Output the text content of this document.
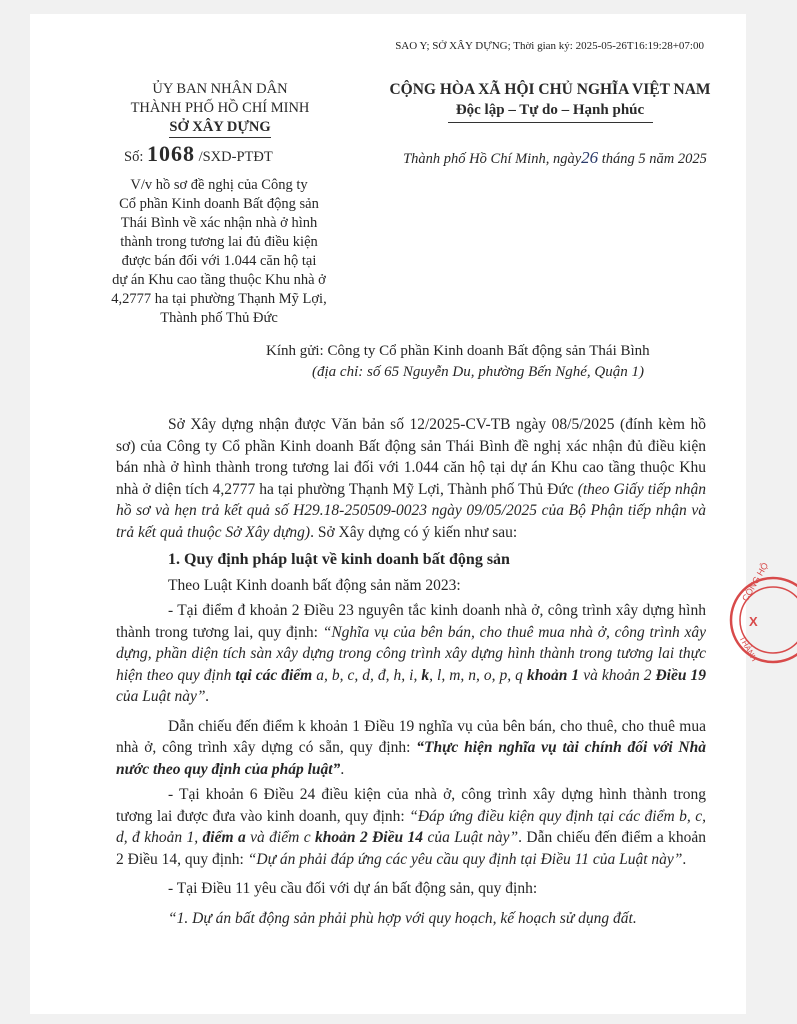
SAO Y; SỞ XÂY DỰNG; Thời gian ký: 2025-05-26T16:19:28+07:00
ỦY BAN NHÂN DÂN
THÀNH PHỐ HỒ CHÍ MINH
SỞ XÂY DỰNG
Số: 1068 /SXD-PTĐT
CỘNG HÒA XÃ HỘI CHỦ NGHĨA VIỆT NAM
Độc lập – Tự do – Hạnh phúc
Thành phố Hồ Chí Minh, ngày26 tháng 5 năm 2025
V/v hồ sơ đề nghị của Công ty
Cổ phần Kinh doanh Bất động sản
Thái Bình về xác nhận nhà ở hình
thành trong tương lai đủ điều kiện
được bán đối với 1.044 căn hộ tại
dự án Khu cao tầng thuộc Khu nhà ở
4,2777 ha tại phường Thạnh Mỹ Lợi,
Thành phố Thủ Đức
Kính gửi: Công ty Cổ phần Kinh doanh Bất động sản Thái Bình
(địa chỉ: số 65 Nguyễn Du, phường Bến Nghé, Quận 1)

Sở Xây dựng nhận được Văn bản số 12/2025-CV-TB ngày 08/5/2025 (đính kèm hồ sơ) của Công ty Cổ phần Kinh doanh Bất động sản Thái Bình đề nghị xác nhận đủ điều kiện bán nhà ở hình thành trong tương lai đối với 1.044 căn hộ tại dự án Khu cao tầng thuộc Khu nhà ở diện tích 4,2777 ha tại phường Thạnh Mỹ Lợi, Thành phố Thủ Đức (theo Giấy tiếp nhận hồ sơ và hẹn trả kết quả số H29.18-250509-0023 ngày 09/05/2025 của Bộ Phận tiếp nhận và trả kết quả thuộc Sở Xây dựng). Sở Xây dựng có ý kiến như sau:

1. Quy định pháp luật về kinh doanh bất động sản

Theo Luật Kinh doanh bất động sản năm 2023:

- Tại điểm đ khoản 2 Điều 23 nguyên tắc kinh doanh nhà ở, công trình xây dựng hình thành trong tương lai, quy định: “Nghĩa vụ của bên bán, cho thuê mua nhà ở, công trình xây dựng, phần diện tích sàn xây dựng trong công trình xây dựng hình thành trong tương lai thực hiện theo quy định tại các điểm a, b, c, d, đ, h, i, k, l, m, n, o, p, q khoản 1 và khoản 2 Điều 19 của Luật này”.

Dẫn chiếu đến điểm k khoản 1 Điều 19 nghĩa vụ của bên bán, cho thuê, cho thuê mua nhà ở, công trình xây dựng có sẵn, quy định: “Thực hiện nghĩa vụ tài chính đối với Nhà nước theo quy định của pháp luật”.

- Tại khoản 6 Điều 24 điều kiện của nhà ở, công trình xây dựng hình thành trong tương lai được đưa vào kinh doanh, quy định: “Đáp ứng điều kiện quy định tại các điểm b, c, d, đ khoản 1, điểm a và điểm c khoản 2 Điều 14 của Luật này”. Dẫn chiếu đến điểm a khoản 2 Điều 14, quy định: “Dự án phải đáp ứng các yêu cầu quy định tại Điều 11 của Luật này”.

- Tại Điều 11 yêu cầu đối với dự án bất động sản, quy định:

“1. Dự án bất động sản phải phù hợp với quy hoạch, kế hoạch sử dụng đất.

CÔNG HỘ
X
THÀNH
